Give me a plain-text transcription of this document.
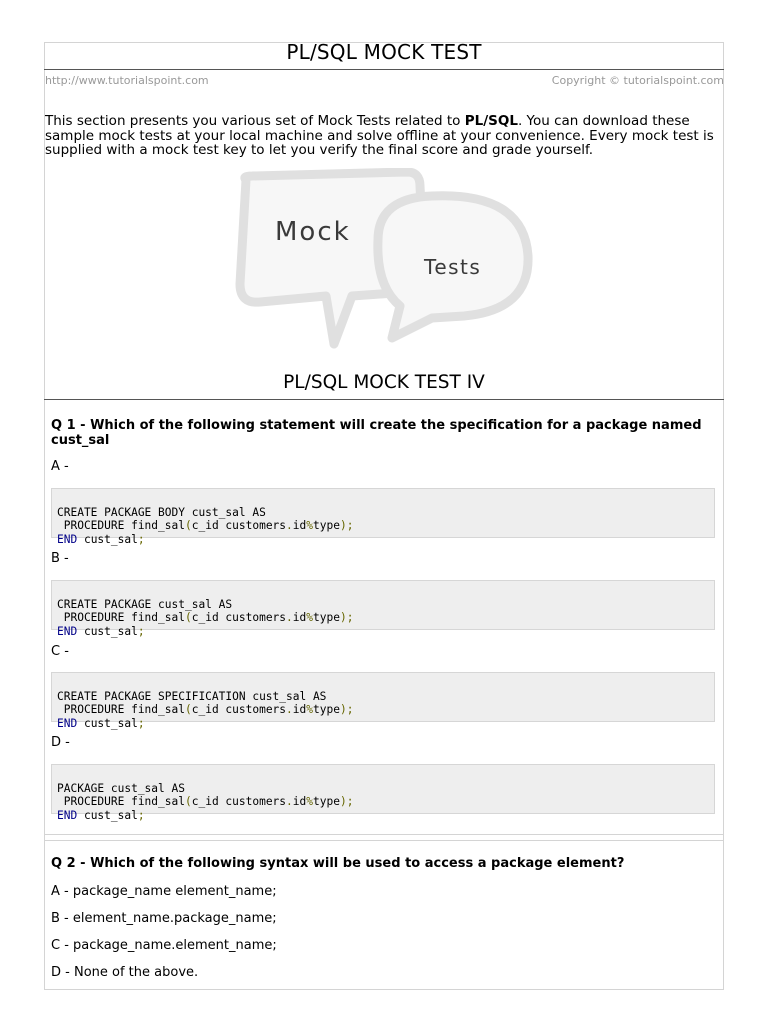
PL/SQL MOCK TEST
http://www.tutorialspoint.com	Copyright © tutorialspoint.com
This section presents you various set of Mock Tests related to PL/SQL. You can download these sample mock tests at your local machine and solve offline at your convenience. Every mock test is supplied with a mock test key to let you verify the final score and grade yourself.
Mock
Tests
PL/SQL MOCK TEST IV
Q 1 - Which of the following statement will create the specification for a package named cust_sal
A -

CREATE PACKAGE BODY cust_sal AS
PROCEDURE find_sal(c_id customers.id%type);
END cust_sal;
B -

CREATE PACKAGE cust_sal AS
PROCEDURE find_sal(c_id customers.id%type);
END cust_sal;
C -

CREATE PACKAGE SPECIFICATION cust_sal AS
PROCEDURE find_sal(c_id customers.id%type);
END cust_sal;
D -

PACKAGE cust_sal AS
PROCEDURE find_sal(c_id customers.id%type);
END cust_sal;
Q 2 - Which of the following syntax will be used to access a package element?
A - package_name element_name;
B - element_name.package_name;
C - package_name.element_name;
D - None of the above.
